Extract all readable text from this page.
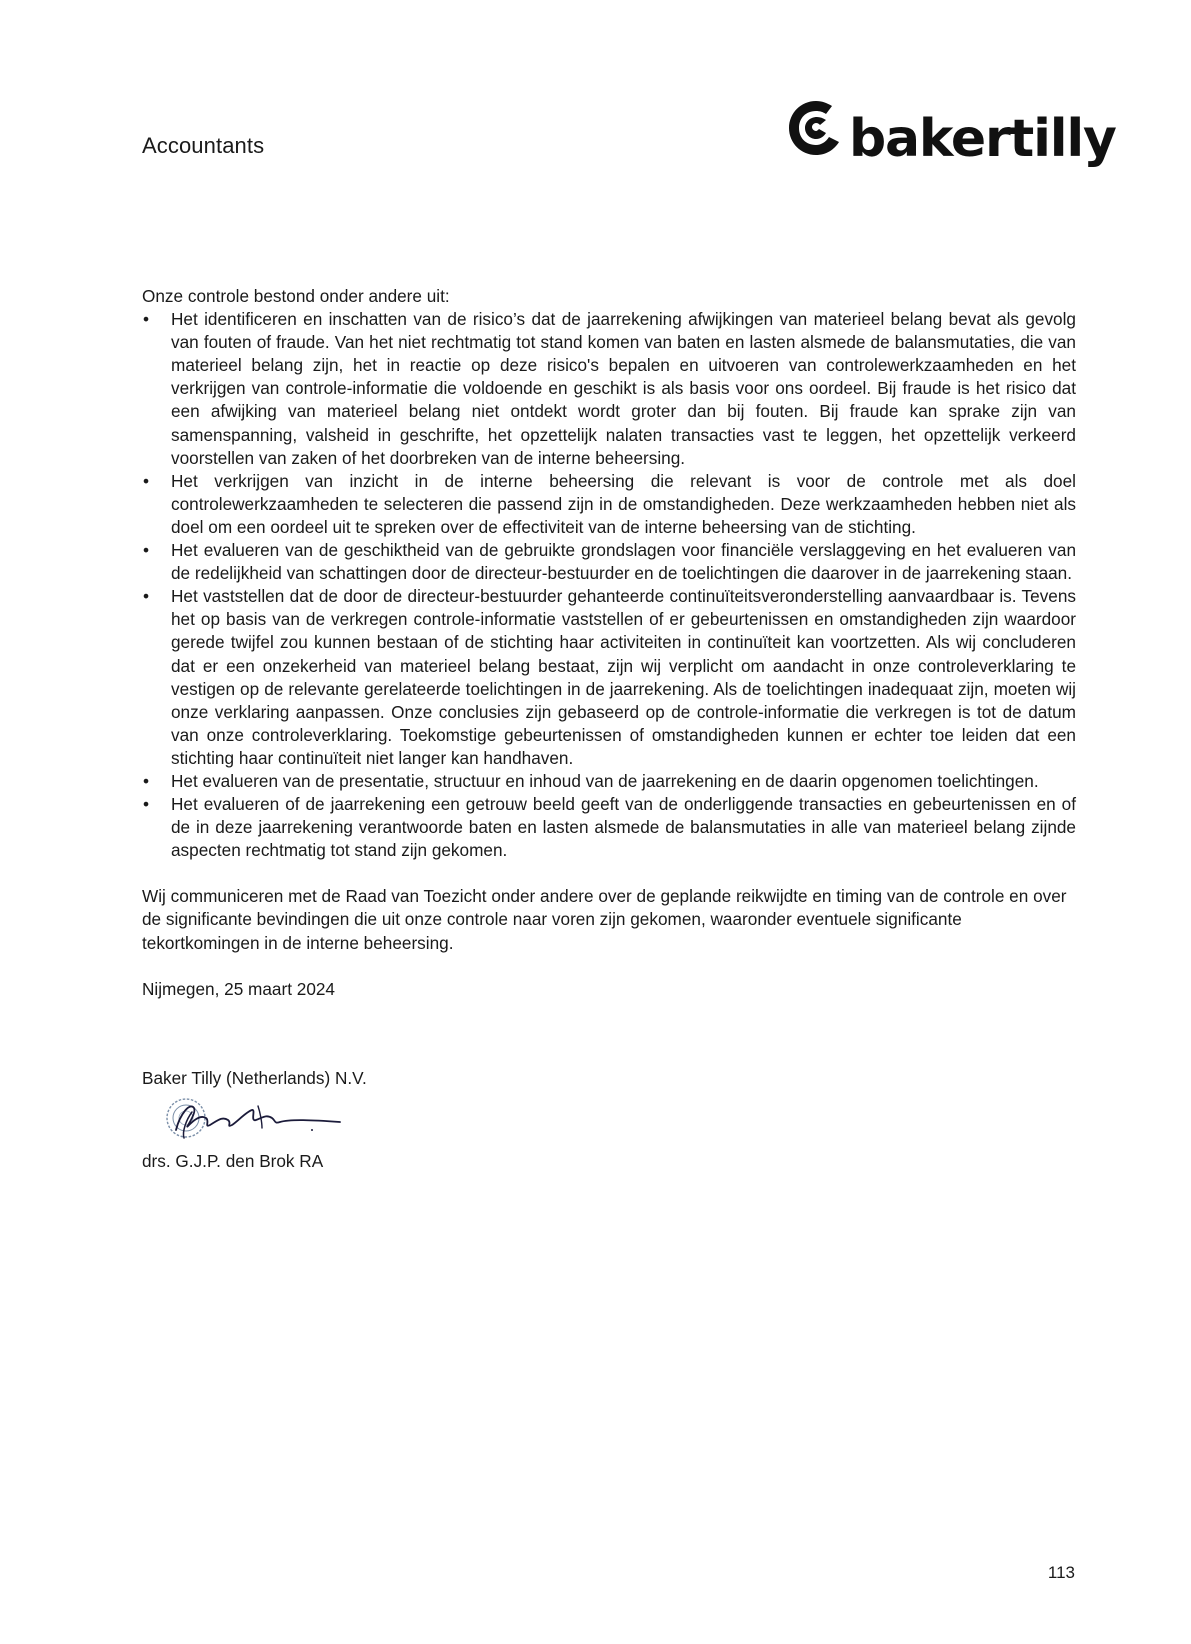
Accountants	bakertilly

Onze controle bestond onder andere uit:

• Het identificeren en inschatten van de risico’s dat de jaarrekening afwijkingen van materieel belang bevat als gevolg van fouten of fraude. Van het niet rechtmatig tot stand komen van baten en lasten alsmede de balansmutaties, die van materieel belang zijn, het in reactie op deze risico's bepalen en uitvoeren van controlewerkzaamheden en het verkrijgen van controle-informatie die voldoende en geschikt is als basis voor ons oordeel. Bij fraude is het risico dat een afwijking van materieel belang niet ontdekt wordt groter dan bij fouten. Bij fraude kan sprake zijn van samenspanning, valsheid in geschrifte, het opzettelijk nalaten transacties vast te leggen, het opzettelijk verkeerd voorstellen van zaken of het doorbreken van de interne beheersing.
• Het verkrijgen van inzicht in de interne beheersing die relevant is voor de controle met als doel controlewerkzaamheden te selecteren die passend zijn in de omstandigheden. Deze werkzaamheden hebben niet als doel om een oordeel uit te spreken over de effectiviteit van de interne beheersing van de stichting.
• Het evalueren van de geschiktheid van de gebruikte grondslagen voor financiële verslaggeving en het evalueren van de redelijkheid van schattingen door de directeur-bestuurder en de toelichtingen die daarover in de jaarrekening staan.
• Het vaststellen dat de door de directeur-bestuurder gehanteerde continuïteitsveronderstelling aanvaardbaar is. Tevens het op basis van de verkregen controle-informatie vaststellen of er gebeurtenissen en omstandigheden zijn waardoor gerede twijfel zou kunnen bestaan of de stichting haar activiteiten in continuïteit kan voortzetten. Als wij concluderen dat er een onzekerheid van materieel belang bestaat, zijn wij verplicht om aandacht in onze controleverklaring te vestigen op de relevante gerelateerde toelichtingen in de jaarrekening. Als de toelichtingen inadequaat zijn, moeten wij onze verklaring aanpassen. Onze conclusies zijn gebaseerd op de controle-informatie die verkregen is tot de datum van onze controleverklaring. Toekomstige gebeurtenissen of omstandigheden kunnen er echter toe leiden dat een stichting haar continuïteit niet langer kan handhaven.
• Het evalueren van de presentatie, structuur en inhoud van de jaarrekening en de daarin opgenomen toelichtingen.
• Het evalueren of de jaarrekening een getrouw beeld geeft van de onderliggende transacties en gebeurtenissen en of de in deze jaarrekening verantwoorde baten en lasten alsmede de balansmutaties in alle van materieel belang zijnde aspecten rechtmatig tot stand zijn gekomen.

Wij communiceren met de Raad van Toezicht onder andere over de geplande reikwijdte en timing van de controle en over de significante bevindingen die uit onze controle naar voren zijn gekomen, waaronder eventuele significante tekortkomingen in de interne beheersing.

Nijmegen, 25 maart 2024

Baker Tilly (Netherlands) N.V.

drs. G.J.P. den Brok RA

113
